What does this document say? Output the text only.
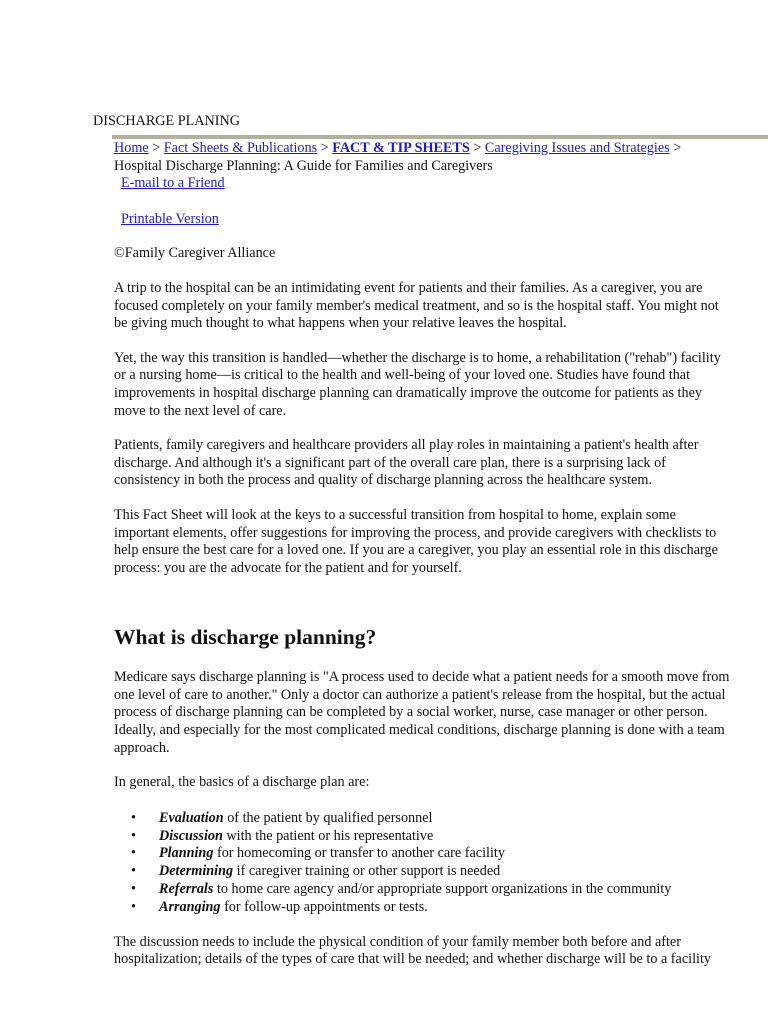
DISCHARGE PLANING
Home > Fact Sheets & Publications > FACT & TIP SHEETS > Caregiving Issues and Strategies >
Hospital Discharge Planning: A Guide for Families and Caregivers

E-mail to a Friend

Printable Version

©Family Caregiver Alliance

A trip to the hospital can be an intimidating event for patients and their families. As a caregiver, you are
focused completely on your family member's medical treatment, and so is the hospital staff. You might not
be giving much thought to what happens when your relative leaves the hospital.

Yet, the way this transition is handled—whether the discharge is to home, a rehabilitation ("rehab") facility
or a nursing home—is critical to the health and well-being of your loved one. Studies have found that
improvements in hospital discharge planning can dramatically improve the outcome for patients as they
move to the next level of care.

Patients, family caregivers and healthcare providers all play roles in maintaining a patient's health after
discharge. And although it's a significant part of the overall care plan, there is a surprising lack of
consistency in both the process and quality of discharge planning across the healthcare system.

This Fact Sheet will look at the keys to a successful transition from hospital to home, explain some
important elements, offer suggestions for improving the process, and provide caregivers with checklists to
help ensure the best care for a loved one. If you are a caregiver, you play an essential role in this discharge
process: you are the advocate for the patient and for yourself.

What is discharge planning?

Medicare says discharge planning is "A process used to decide what a patient needs for a smooth move from
one level of care to another." Only a doctor can authorize a patient's release from the hospital, but the actual
process of discharge planning can be completed by a social worker, nurse, case manager or other person.
Ideally, and especially for the most complicated medical conditions, discharge planning is done with a team
approach.

In general, the basics of a discharge plan are:

• Evaluation of the patient by qualified personnel
• Discussion with the patient or his representative
• Planning for homecoming or transfer to another care facility
• Determining if caregiver training or other support is needed
• Referrals to home care agency and/or appropriate support organizations in the community
• Arranging for follow-up appointments or tests.

The discussion needs to include the physical condition of your family member both before and after
hospitalization; details of the types of care that will be needed; and whether discharge will be to a facility
